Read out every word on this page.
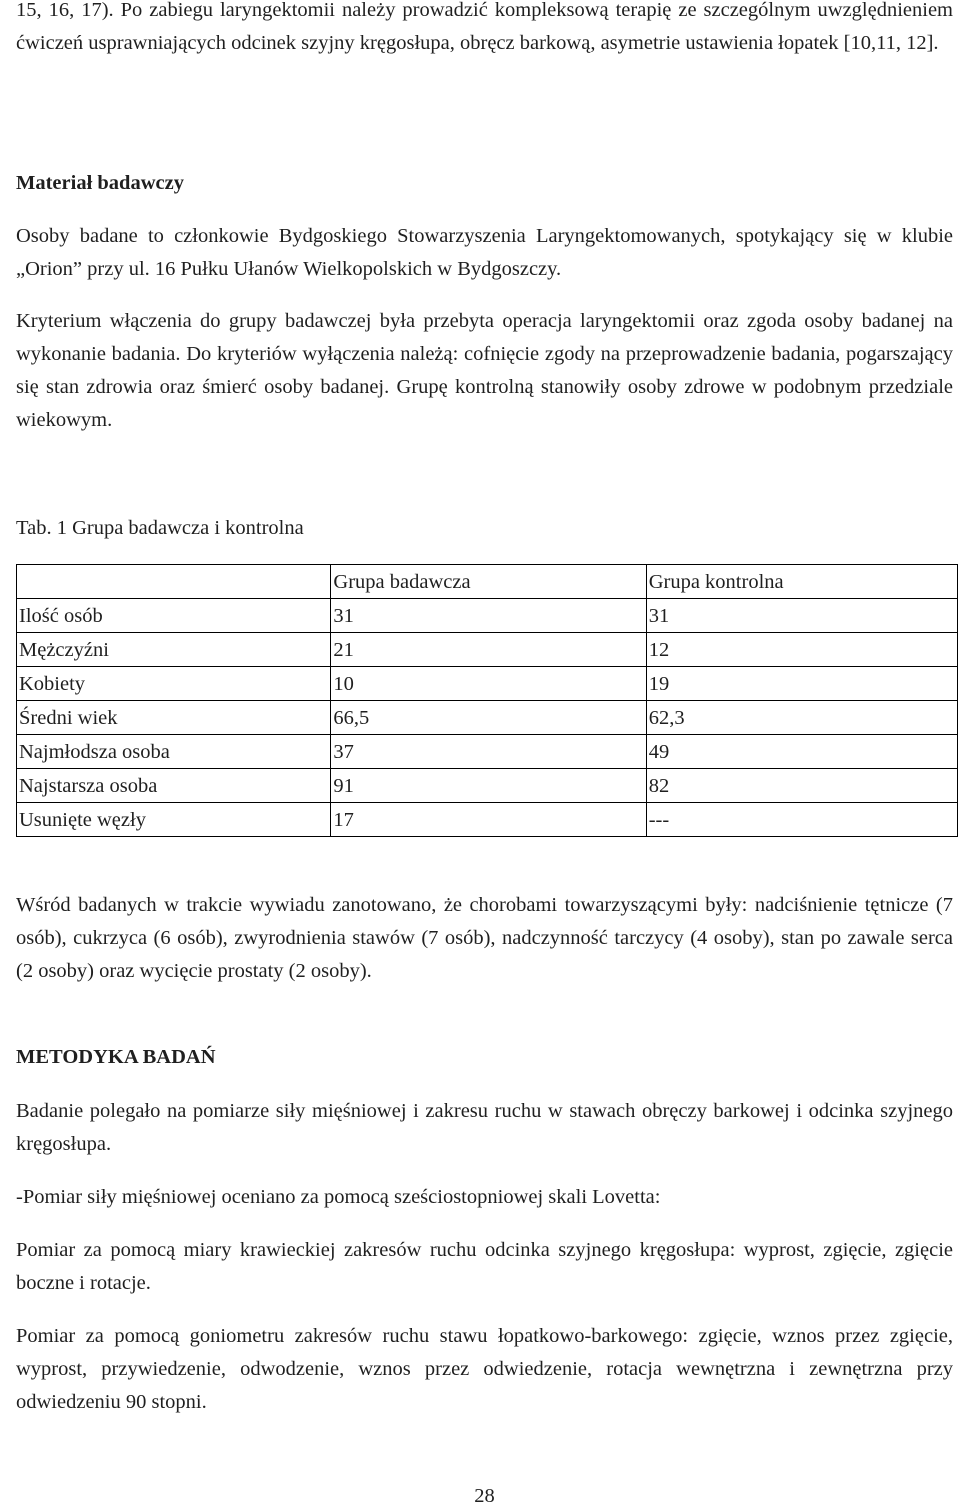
15, 16, 17). Po zabiegu laryngektomii należy prowadzić kompleksową terapię ze szczególnym uwzględnieniem ćwiczeń usprawniających odcinek szyjny kręgosłupa, obręcz barkową, asymetrie ustawienia łopatek [10,11, 12].

Materiał badawczy

Osoby badane to członkowie Bydgoskiego Stowarzyszenia Laryngektomowanych, spotykający się w klubie „Orion” przy ul. 16 Pułku Ułanów Wielkopolskich w Bydgoszczy.

Kryterium włączenia do grupy badawczej była przebyta operacja laryngektomii oraz zgoda osoby badanej na wykonanie badania. Do kryteriów wyłączenia należą: cofnięcie zgody na przeprowadzenie badania, pogarszający się stan zdrowia oraz śmierć osoby badanej. Grupę kontrolną stanowiły osoby zdrowe w podobnym przedziale wiekowym.

Tab. 1 Grupa badawcza i kontrolna
	Grupa badawcza	Grupa kontrolna
Ilość osób	31	31
Mężczyźni	21	12
Kobiety	10	19
Średni wiek	66,5	62,3
Najmłodsza osoba	37	49
Najstarsza osoba	91	82
Usunięte węzły	17	---

Wśród badanych w trakcie wywiadu zanotowano, że chorobami towarzyszącymi były: nadciśnienie tętnicze (7 osób), cukrzyca (6 osób), zwyrodnienia stawów (7 osób), nadczynność tarczycy (4 osoby), stan po zawale serca (2 osoby) oraz wycięcie prostaty (2 osoby).

METODYKA BADAŃ

Badanie polegało na pomiarze siły mięśniowej i zakresu ruchu w stawach obręczy barkowej i odcinka szyjnego kręgosłupa.

-Pomiar siły mięśniowej oceniano za pomocą sześciostopniowej skali Lovetta:

Pomiar za pomocą miary krawieckiej zakresów ruchu odcinka szyjnego kręgosłupa: wyprost, zgięcie, zgięcie boczne i rotacje.

Pomiar za pomocą goniometru zakresów ruchu stawu łopatkowo-barkowego: zgięcie, wznos przez zgięcie, wyprost, przywiedzenie, odwodzenie, wznos przez odwiedzenie, rotacja wewnętrzna i zewnętrzna przy odwiedzeniu 90 stopni.

28
